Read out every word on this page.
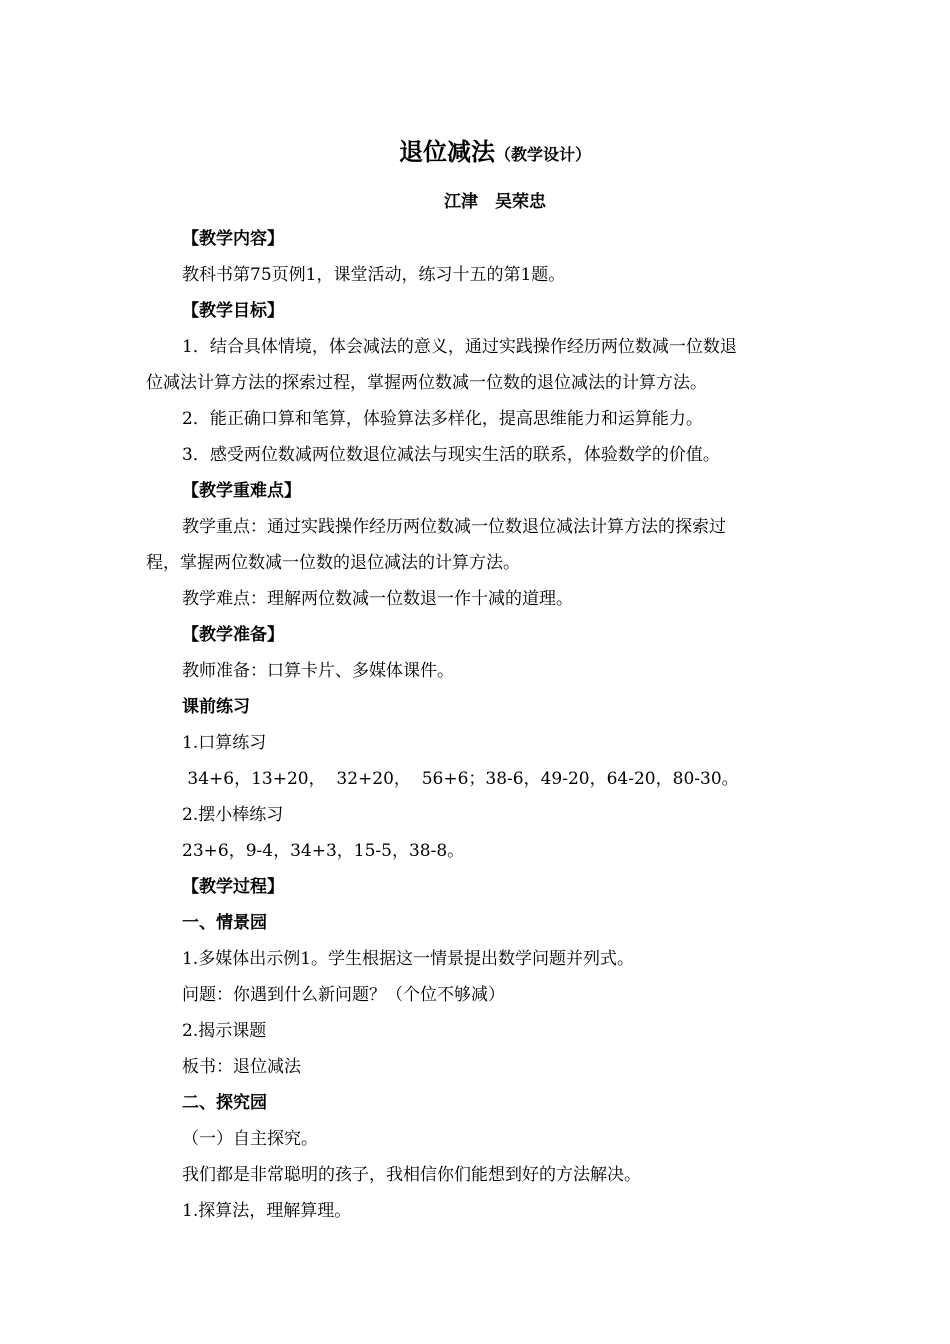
退位减法（教学设计）
江津　吴荣忠
【教学内容】
教科书第75页例1，课堂活动，练习十五的第1题。
【教学目标】
1．结合具体情境，体会减法的意义，通过实践操作经历两位数减一位数退
位减法计算方法的探索过程，掌握两位数减一位数的退位减法的计算方法。
2．能正确口算和笔算，体验算法多样化，提高思维能力和运算能力。
3．感受两位数减两位数退位减法与现实生活的联系，体验数学的价值。
【教学重难点】
教学重点：通过实践操作经历两位数减一位数退位减法计算方法的探索过
程，掌握两位数减一位数的退位减法的计算方法。
教学难点：理解两位数减一位数退一作十减的道理。
【教学准备】
教师准备：口算卡片、多媒体课件。
课前练习
1.口算练习
34+6，13+20，  32+20，  56+6；38-6，49-20，64-20，80-30。
2.摆小棒练习
23+6，9-4，34+3，15-5，38-8。
【教学过程】
一、情景园
1.多媒体出示例1。学生根据这一情景提出数学问题并列式。
问题：你遇到什么新问题？（个位不够减）
2.揭示课题
板书：退位减法
二、探究园
（一）自主探究。
我们都是非常聪明的孩子，我相信你们能想到好的方法解决。
1.探算法，理解算理。
